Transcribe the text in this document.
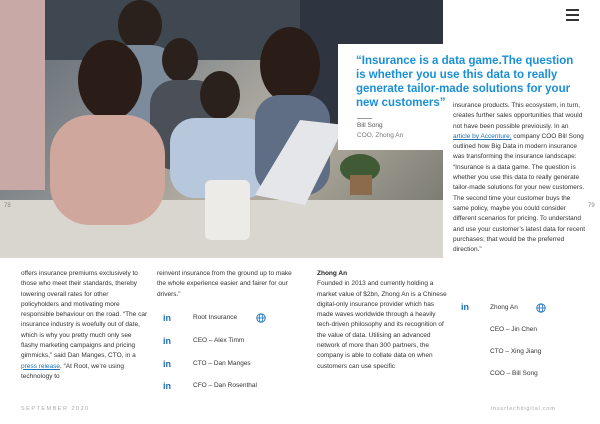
78	79
“Insurance is a data game.The question is whether you use this data to really generate tailor-made solutions for your new customers”
Bill Song
COO, Zhong An
insurance products. This ecosystem, in turn, creates further sales opportunities that would not have been possible previously. In an article by Accenture, company COO Bill Song outlined how Big Data in modern insurance was transforming the insurance landscape: “Insurance is a data game. The question is whether you use this data to really generate tailor-made solutions for your new customers. The second time your customer buys the same policy, maybe you could consider different scenarios for pricing. To understand and use your customer’s latest data for recent purchases; that would be the preferred direction.”
offers insurance premiums exclusively to those who meet their standards, thereby lowering overall rates for other policyholders and motivating more responsible behaviour on the road. “The car insurance industry is woefully out of date, which is why you pretty much only see flashy marketing campaigns and pricing gimmicks,” said Dan Manges, CTO, in a press release. “At Root, we’re using technology to
reinvent insurance from the ground up to make the whole experience easier and fairer for our drivers.”
in	Root Insurance
in	CEO – Alex Timm
in	CTO – Dan Manges
in	CFO – Dan Rosenthal
Zhong An
Founded in 2013 and currently holding a market value of $2bn, Zhong An is a Chinese digital-only insurance provider which has made waves worldwide through a heavily tech-driven philosophy and its recognition of the value of data. Utilising an advanced network of more than 300 partners, the company is able to collate data on when customers can use specific
in	Zhong An
CEO – Jin Chen
CTO – Xing Jiang
COO – Bill Song
SEPTEMBER 2020	insurtechdigital.com
